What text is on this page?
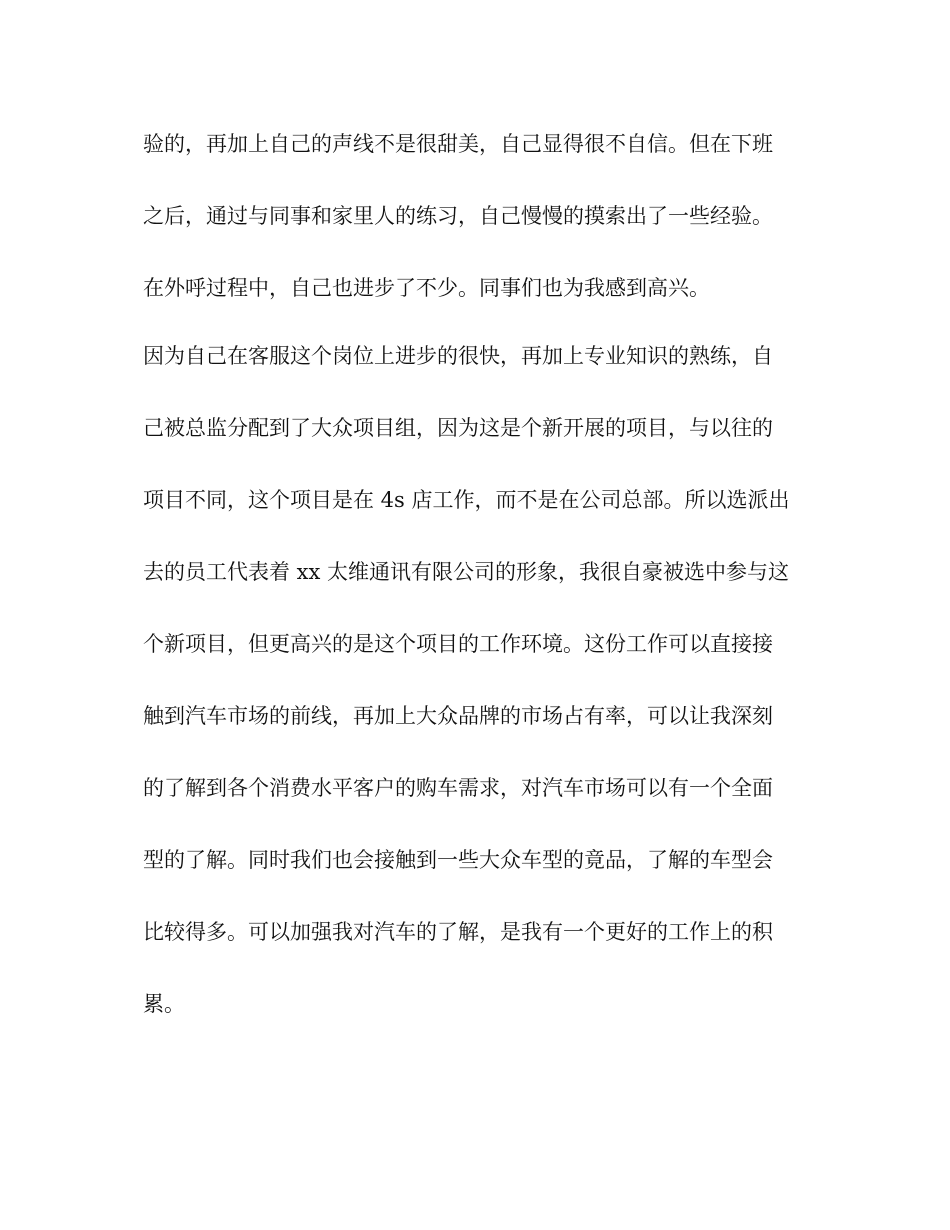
验的，再加上自己的声线不是很甜美，自己显得很不自信。但在下班
之后，通过与同事和家里人的练习，自己慢慢的摸索出了一些经验。
在外呼过程中，自己也进步了不少。同事们也为我感到高兴。
因为自己在客服这个岗位上进步的很快，再加上专业知识的熟练，自
己被总监分配到了大众项目组，因为这是个新开展的项目，与以往的
项目不同，这个项目是在 4s 店工作，而不是在公司总部。所以选派出
去的员工代表着 xx 太维通讯有限公司的形象，我很自豪被选中参与这
个新项目，但更高兴的是这个项目的工作环境。这份工作可以直接接
触到汽车市场的前线，再加上大众品牌的市场占有率，可以让我深刻
的了解到各个消费水平客户的购车需求，对汽车市场可以有一个全面
型的了解。同时我们也会接触到一些大众车型的竟品，了解的车型会
比较得多。可以加强我对汽车的了解，是我有一个更好的工作上的积
累。
